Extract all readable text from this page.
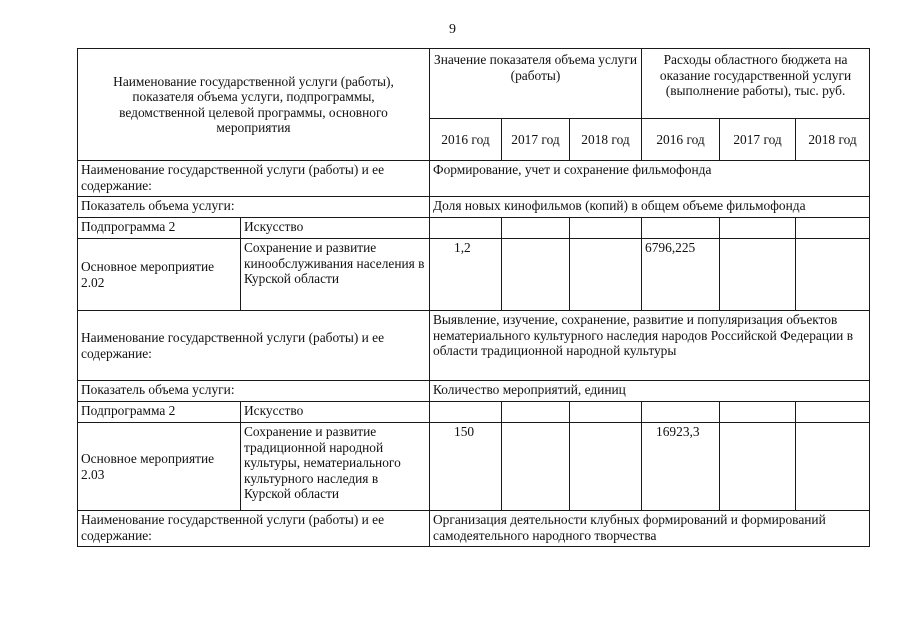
9
Наименование государственной услуги (работы), показателя объема услуги, подпрограммы, ведомственной целевой программы, основного мероприятия		Значение показателя объема услуги (работы)			Расходы областного бюджета на оказание государственной услуги (выполнение работы), тыс. руб.		
		2016 год	2017 год	2018 год	2016 год	2017 год	2018 год
Наименование государственной услуги (работы) и ее содержание:		Формирование, учет и сохранение фильмофонда					
Показатель объема услуги:		Доля новых кинофильмов (копий) в общем объеме фильмофонда					
Подпрограмма 2	Искусство						
Основное мероприятие 2.02	Сохранение и развитие кинообслуживания населения в Курской области	1,2			6796,225		
Наименование государственной услуги (работы) и ее содержание:		Выявление, изучение, сохранение, развитие и популяризация объектов нематериального культурного наследия народов Российской Федерации в области традиционной народной культуры					
Показатель объема услуги:		Количество мероприятий, единиц					
Подпрограмма 2	Искусство						
Основное мероприятие 2.03	Сохранение и развитие традиционной народной культуры, нематериального культурного наследия в Курской области	150			16923,3		
Наименование государственной услуги (работы) и ее содержание:		Организация деятельности клубных формирований и формирований самодеятельного народного творчества					
